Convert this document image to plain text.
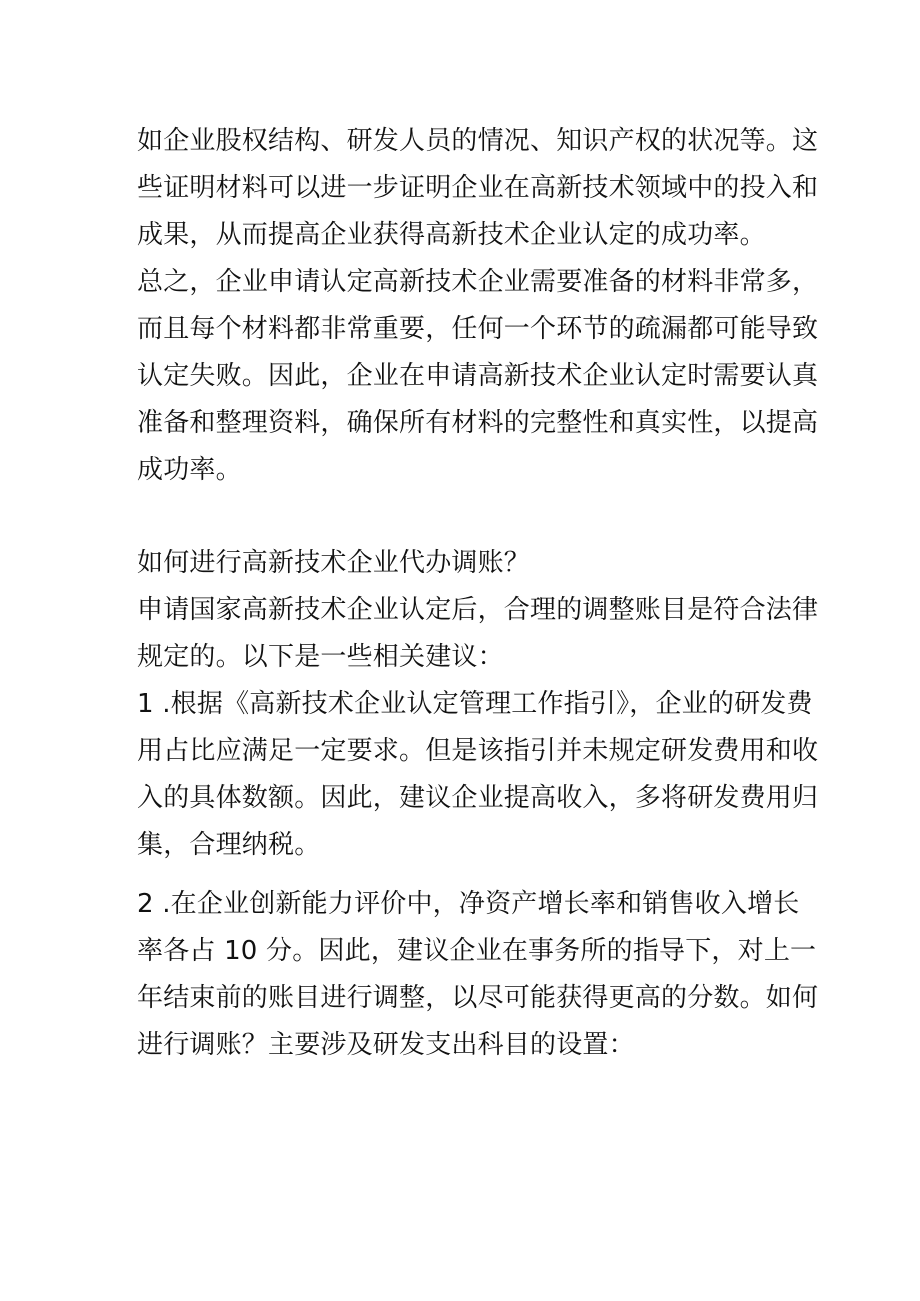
如企业股权结构、研发人员的情况、知识产权的状况等。这
些证明材料可以进一步证明企业在高新技术领域中的投入和
成果，从而提高企业获得高新技术企业认定的成功率。
总之，企业申请认定高新技术企业需要准备的材料非常多，
而且每个材料都非常重要，任何一个环节的疏漏都可能导致
认定失败。因此，企业在申请高新技术企业认定时需要认真
准备和整理资料，确保所有材料的完整性和真实性，以提高
成功率。
如何进行高新技术企业代办调账？
申请国家高新技术企业认定后，合理的调整账目是符合法律
规定的。以下是一些相关建议：
1 .根据《高新技术企业认定管理工作指引》，企业的研发费
用占比应满足一定要求。但是该指引并未规定研发费用和收
入的具体数额。因此，建议企业提高收入，多将研发费用归
集，合理纳税。
2 .在企业创新能力评价中，净资产增长率和销售收入增长
率各占 10 分。因此，建议企业在事务所的指导下，对上一
年结束前的账目进行调整，以尽可能获得更高的分数。如何
进行调账？主要涉及研发支出科目的设置：
